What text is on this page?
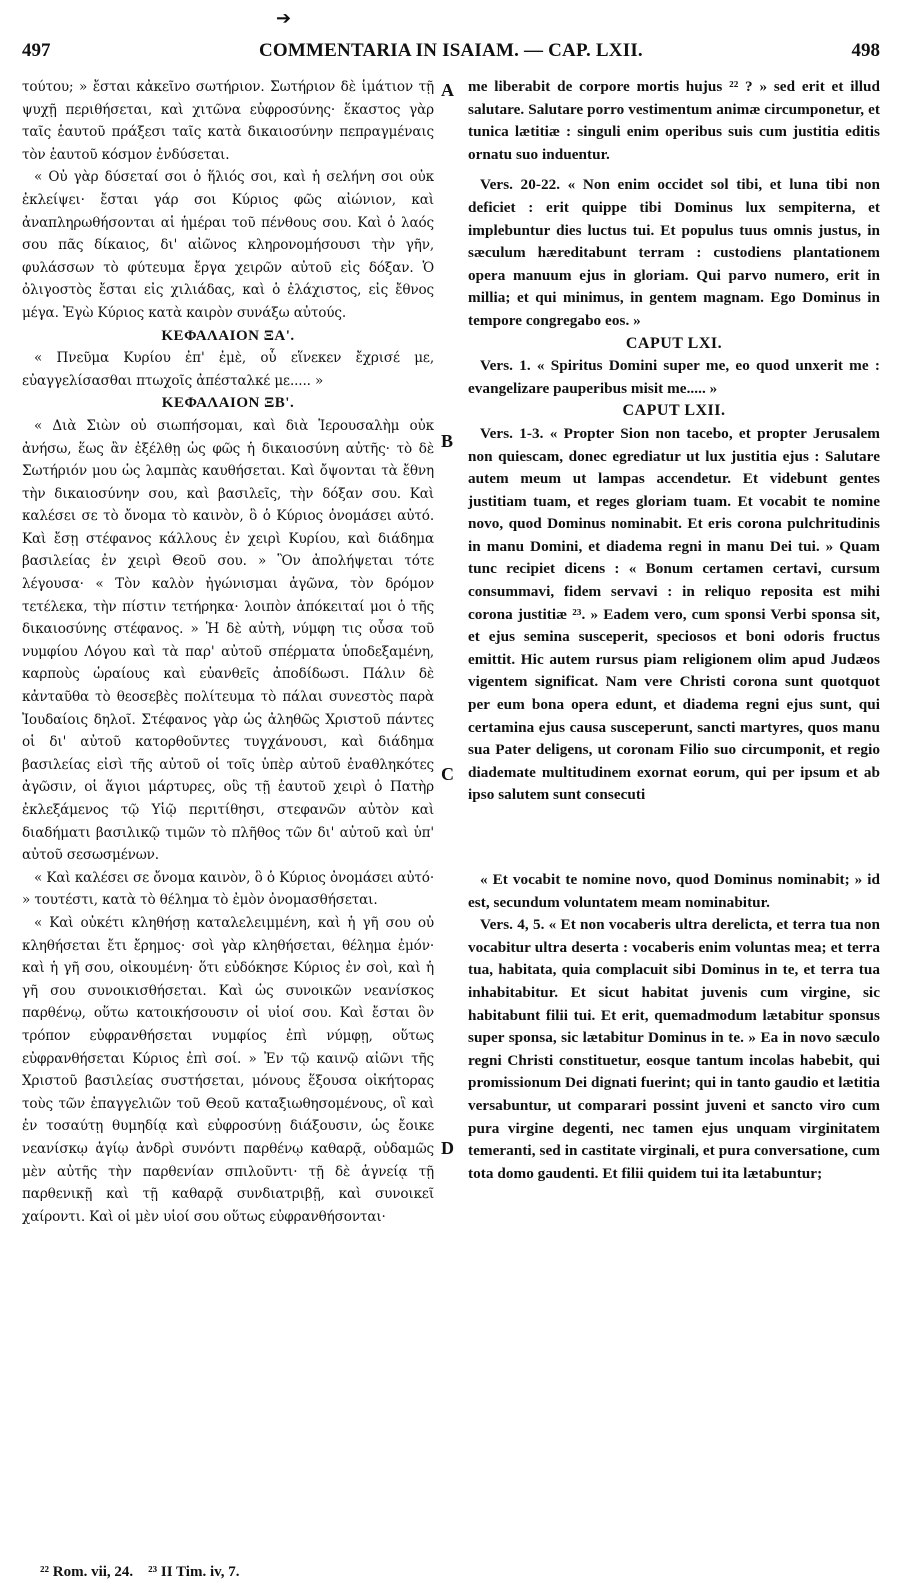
➔
497	COMMENTARIA IN ISAIAM. — CAP. LXII.	498

τούτου; » ἔσται κἀκεῖνο σωτήριον. Σωτήριον δὲ ἱμάτιον τῇ ψυχῇ περιθήσεται, καὶ χιτῶνα εὐφροσύνης· ἕκαστος γὰρ ταῖς ἑαυτοῦ πράξεσι ταῖς κατὰ δικαιοσύνην πεπραγμέναις τὸν ἑαυτοῦ κόσμον ἐνδύσεται.

« Οὐ γὰρ δύσεταί σοι ὁ ἥλιός σοι, καὶ ἡ σελήνη σοι οὐκ ἐκλείψει· ἔσται γάρ σοι Κύριος φῶς αἰώνιον, καὶ ἀναπληρωθήσονται αἱ ἡμέραι τοῦ πένθους σου. Καὶ ὁ λαός σου πᾶς δίκαιος, δι' αἰῶνος κληρονομήσουσι τὴν γῆν, φυλάσσων τὸ φύτευμα ἔργα χειρῶν αὐτοῦ εἰς δόξαν. Ὁ ὀλιγοστὸς ἔσται εἰς χιλιάδας, καὶ ὁ ἐλάχιστος, εἰς ἔθνος μέγα. Ἐγὼ Κύριος κατὰ καιρὸν συνάξω αὐτούς.

ΚΕΦΑΛΑΙΟΝ ΞΑ'.

« Πνεῦμα Κυρίου ἐπ' ἐμὲ, οὗ εἵνεκεν ἔχρισέ με, εὐαγγελίσασθαι πτωχοῖς ἀπέσταλκέ με..... »

ΚΕΦΑΛΑΙΟΝ ΞΒ'.

« Διὰ Σιὼν οὐ σιωπήσομαι, καὶ διὰ Ἱερουσαλὴμ οὐκ ἀνήσω, ἕως ἂν ἐξέλθῃ ὡς φῶς ἡ δικαιοσύνη αὐτῆς· τὸ δὲ Σωτήριόν μου ὡς λαμπὰς καυθήσεται. Καὶ ὄψονται τὰ ἔθνη τὴν δικαιοσύνην σου, καὶ βασιλεῖς, τὴν δόξαν σου. Καὶ καλέσει σε τὸ ὄνομα τὸ καινὸν, ὃ ὁ Κύριος ὀνομάσει αὐτό. Καὶ ἔσῃ στέφανος κάλλους ἐν χειρὶ Κυρίου, καὶ διάδημα βασιλείας ἐν χειρὶ Θεοῦ σου. » Ὃν ἀπολήψεται τότε λέγουσα· « Τὸν καλὸν ἠγώνισμαι ἀγῶνα, τὸν δρόμον τετέλεκα, τὴν πίστιν τετήρηκα· λοιπὸν ἀπόκειταί μοι ὁ τῆς δικαιοσύνης στέφανος. » Ἡ δὲ αὐτὴ, νύμφη τις οὖσα τοῦ νυμφίου Λόγου καὶ τὰ παρ' αὐτοῦ σπέρματα ὑποδεξαμένη, καρποὺς ὡραίους καὶ εὐανθεῖς ἀποδίδωσι. Πάλιν δὲ κἀνταῦθα τὸ θεοσεβὲς πολίτευμα τὸ πάλαι συνεστὸς παρὰ Ἰουδαίοις δηλοῖ. Στέφανος γὰρ ὡς ἀληθῶς Χριστοῦ πάντες οἱ δι' αὐτοῦ κατορθοῦντες τυγχάνουσι, καὶ διάδημα βασιλείας εἰσὶ τῆς αὐτοῦ οἱ τοῖς ὑπὲρ αὐτοῦ ἐναθληκότες ἀγῶσιν, οἱ ἅγιοι μάρτυρες, οὓς τῇ ἑαυτοῦ χειρὶ ὁ Πατὴρ ἐκλεξάμενος τῷ Υἱῷ περιτίθησι, στεφανῶν αὐτὸν καὶ διαδήματι βασιλικῷ τιμῶν τὸ πλῆθος τῶν δι' αὐτοῦ καὶ ὑπ' αὐτοῦ σεσωσμένων.

« Καὶ καλέσει σε ὄνομα καινὸν, ὃ ὁ Κύριος ὀνομάσει αὐτό· » τουτέστι, κατὰ τὸ θέλημα τὸ ἐμὸν ὀνομασθήσεται.

« Καὶ οὐκέτι κληθήσῃ καταλελειμμένη, καὶ ἡ γῆ σου οὐ κληθήσεται ἔτι ἔρημος· σοὶ γὰρ κληθήσεται, θέλημα ἐμόν· καὶ ἡ γῆ σου, οἰκουμένη· ὅτι εὐδόκησε Κύριος ἐν σοὶ, καὶ ἡ γῆ σου συνοικισθήσεται. Καὶ ὡς συνοικῶν νεανίσκος παρθένῳ, οὕτω κατοικήσουσιν οἱ υἱοί σου. Καὶ ἔσται ὃν τρόπον εὐφρανθήσεται νυμφίος ἐπὶ νύμφῃ, οὕτως εὐφρανθήσεται Κύριος ἐπὶ σοί. » Ἐν τῷ καινῷ αἰῶνι τῆς Χριστοῦ βασιλείας συστήσεται, μόνους ἕξουσα οἰκήτορας τοὺς τῶν ἐπαγγελιῶν τοῦ Θεοῦ καταξιωθησομένους, οἳ καὶ ἐν τοσαύτῃ θυμηδίᾳ καὶ εὐφροσύνῃ διάξουσιν, ὡς ἔοικε νεανίσκῳ ἁγίῳ ἀνδρὶ συνόντι παρθένῳ καθαρᾷ, οὐδαμῶς μὲν αὐτῆς τὴν παρθενίαν σπιλοῦντι· τῇ δὲ ἁγνείᾳ τῇ παρθενικῇ καὶ τῇ καθαρᾷ συνδιατριβῇ, καὶ συνοικεῖ χαίροντι. Καὶ οἱ μὲν υἱοί σου οὕτως εὐφρανθήσονται·

A
B
C
D

me liberabit de corpore mortis hujus ²² ? » sed erit et illud salutare. Salutare porro vestimentum animæ circumponetur, et tunica lætitiæ : singuli enim operibus suis cum justitia editis ornatu suo induentur.

Vers. 20-22. « Non enim occidet sol tibi, et luna tibi non deficiet : erit quippe tibi Dominus lux sempiterna, et implebuntur dies luctus tui. Et populus tuus omnis justus, in sæculum hæreditabunt terram : custodiens plantationem opera manuum ejus in gloriam. Qui parvo numero, erit in millia; et qui minimus, in gentem magnam. Ego Dominus in tempore congregabo eos. »

CAPUT LXI.

Vers. 1. « Spiritus Domini super me, eo quod unxerit me : evangelizare pauperibus misit me..... »

CAPUT LXII.

Vers. 1-3. « Propter Sion non tacebo, et propter Jerusalem non quiescam, donec egrediatur ut lux justitia ejus : Salutare autem meum ut lampas accendetur. Et videbunt gentes justitiam tuam, et reges gloriam tuam. Et vocabit te nomine novo, quod Dominus nominabit. Et eris corona pulchritudinis in manu Domini, et diadema regni in manu Dei tui. » Quam tunc recipiet dicens : « Bonum certamen certavi, cursum consummavi, fidem servavi : in reliquo reposita est mihi corona justitiæ ²³. » Eadem vero, cum sponsi Verbi sponsa sit, et ejus semina susceperit, speciosos et boni odoris fructus emittit. Hic autem rursus piam religionem olim apud Judæos vigentem significat. Nam vere Christi corona sunt quotquot per eum bona opera edunt, et diadema regni ejus sunt, qui certamina ejus causa susceperunt, sancti martyres, quos manu sua Pater deligens, ut coronam Filio suo circumponit, et regio diademate multitudinem exornat eorum, qui per ipsum et ab ipso salutem sunt consecuti

« Et vocabit te nomine novo, quod Dominus nominabit; » id est, secundum voluntatem meam nominabitur.

Vers. 4, 5. « Et non vocaberis ultra derelicta, et terra tua non vocabitur ultra deserta : vocaberis enim voluntas mea; et terra tua, habitata, quia complacuit sibi Dominus in te, et terra tua inhabitabitur. Et sicut habitat juvenis cum virgine, sic habitabunt filii tui. Et erit, quemadmodum lætabitur sponsus super sponsa, sic lætabitur Dominus in te. » Ea in novo sæculo regni Christi constituetur, eosque tantum incolas habebit, qui promissionum Dei dignati fuerint; qui in tanto gaudio et lætitia versabuntur, ut comparari possint juveni et sancto viro cum pura virgine degenti, nec tamen ejus unquam virginitatem temeranti, sed in castitate virginali, et pura conversatione, cum tota domo gaudenti. Et filii quidem tui ita lætabuntur;

²² Rom. vii, 24.    ²³ II Tim. iv, 7.
